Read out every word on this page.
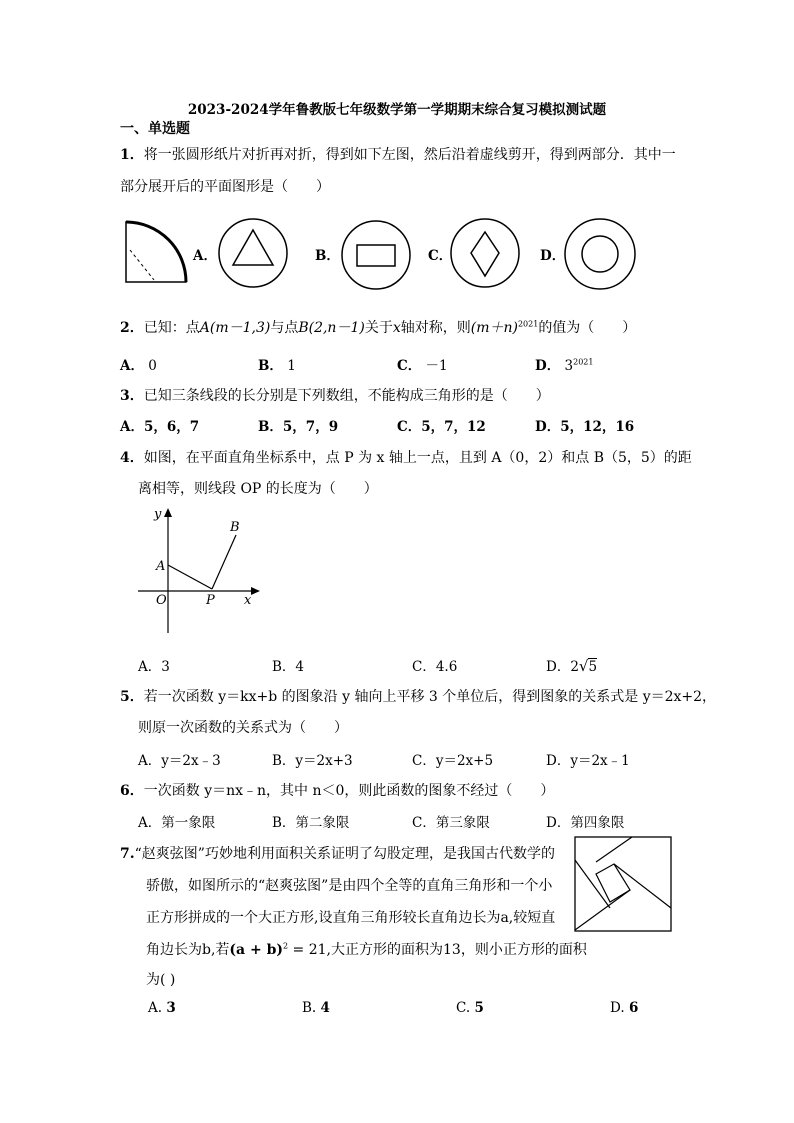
2023-2024学年鲁教版七年级数学第一学期期末综合复习模拟测试题
一、单选题
1．将一张圆形纸片对折再对折，得到如下左图，然后沿着虚线剪开，得到两部分．其中一
部分展开后的平面图形是（　　）
A．	B．	C．	D．
2．已知：点A(m－1,3)与点B(2,n－1)关于x轴对称，则$(m+n)^{2021}$的值为（　　）
A． 0	B． 1	C． －1	D． $3^{2021}$
3．已知三条线段的长分别是下列数组，不能构成三角形的是（　　）
A．5，6，7	B．5，7，9	C．5，7，12	D．5，12，16
4．如图，在平面直角坐标系中，点 P 为 x 轴上一点，且到 A（0，2）和点 B（5，5）的距
离相等，则线段 OP 的长度为（　　）
y
x
A
B
O	P
A．3	B．4	C．4.6	D．2√5
5．若一次函数 y＝kx+b 的图象沿 y 轴向上平移 3 个单位后，得到图象的关系式是 y＝2x+2，
则原一次函数的关系式为（　　）
A．y＝2x﹣3	B．y＝2x+3	C．y＝2x+5	D．y＝2x﹣1
6．一次函数 y＝nx﹣n，其中 n＜0，则此函数的图象不经过（　　）
A．第一象限	B．第二象限	C．第三象限	D．第四象限
7.“赵爽弦图”巧妙地利用面积关系证明了勾股定理，是我国古代数学的
骄傲，如图所示的“赵爽弦图”是由四个全等的直角三角形和一个小
正方形拼成的一个大正方形,设直角三角形较长直角边长为a,较短直
角边长为b,若$(a + b)^2 = 21$,大正方形的面积为13，则小正方形的面积
为( )
A. 3	B. 4	C. 5	D. 6
